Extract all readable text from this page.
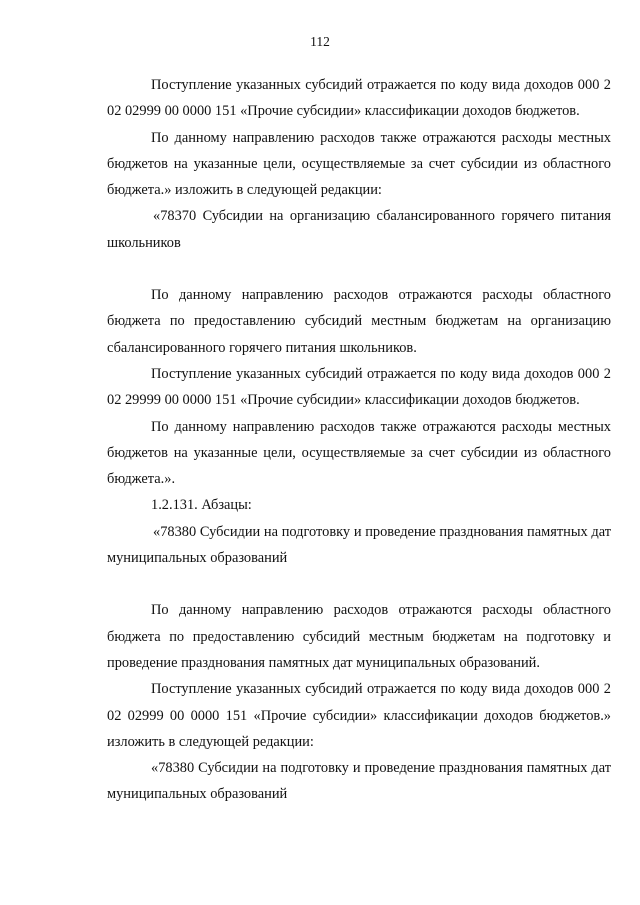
112

Поступление указанных субсидий отражается по коду вида доходов 000 2 02 02999 00 0000 151 «Прочие субсидии» классификации доходов бюджетов.

По данному направлению расходов также отражаются расходы местных бюджетов на указанные цели, осуществляемые за счет субсидии из областного бюджета.» изложить в следующей редакции:

«78370 Субсидии на организацию сбалансированного горячего питания школьников

По данному направлению расходов отражаются расходы областного бюджета по предоставлению субсидий местным бюджетам на организацию сбалансированного горячего питания школьников.

Поступление указанных субсидий отражается по коду вида доходов 000 2 02 29999 00 0000 151 «Прочие субсидии» классификации доходов бюджетов.

По данному направлению расходов также отражаются расходы местных бюджетов на указанные цели, осуществляемые за счет субсидии из областного бюджета.».

1.2.131. Абзацы:

«78380 Субсидии на подготовку и проведение празднования памятных дат муниципальных образований

По данному направлению расходов отражаются расходы областного бюджета по предоставлению субсидий местным бюджетам на подготовку и проведение празднования памятных дат муниципальных образований.

Поступление указанных субсидий отражается по коду вида доходов 000 2 02 02999 00 0000 151 «Прочие субсидии» классификации доходов бюджетов.» изложить в следующей редакции:

«78380 Субсидии на подготовку и проведение празднования памятных дат муниципальных образований
